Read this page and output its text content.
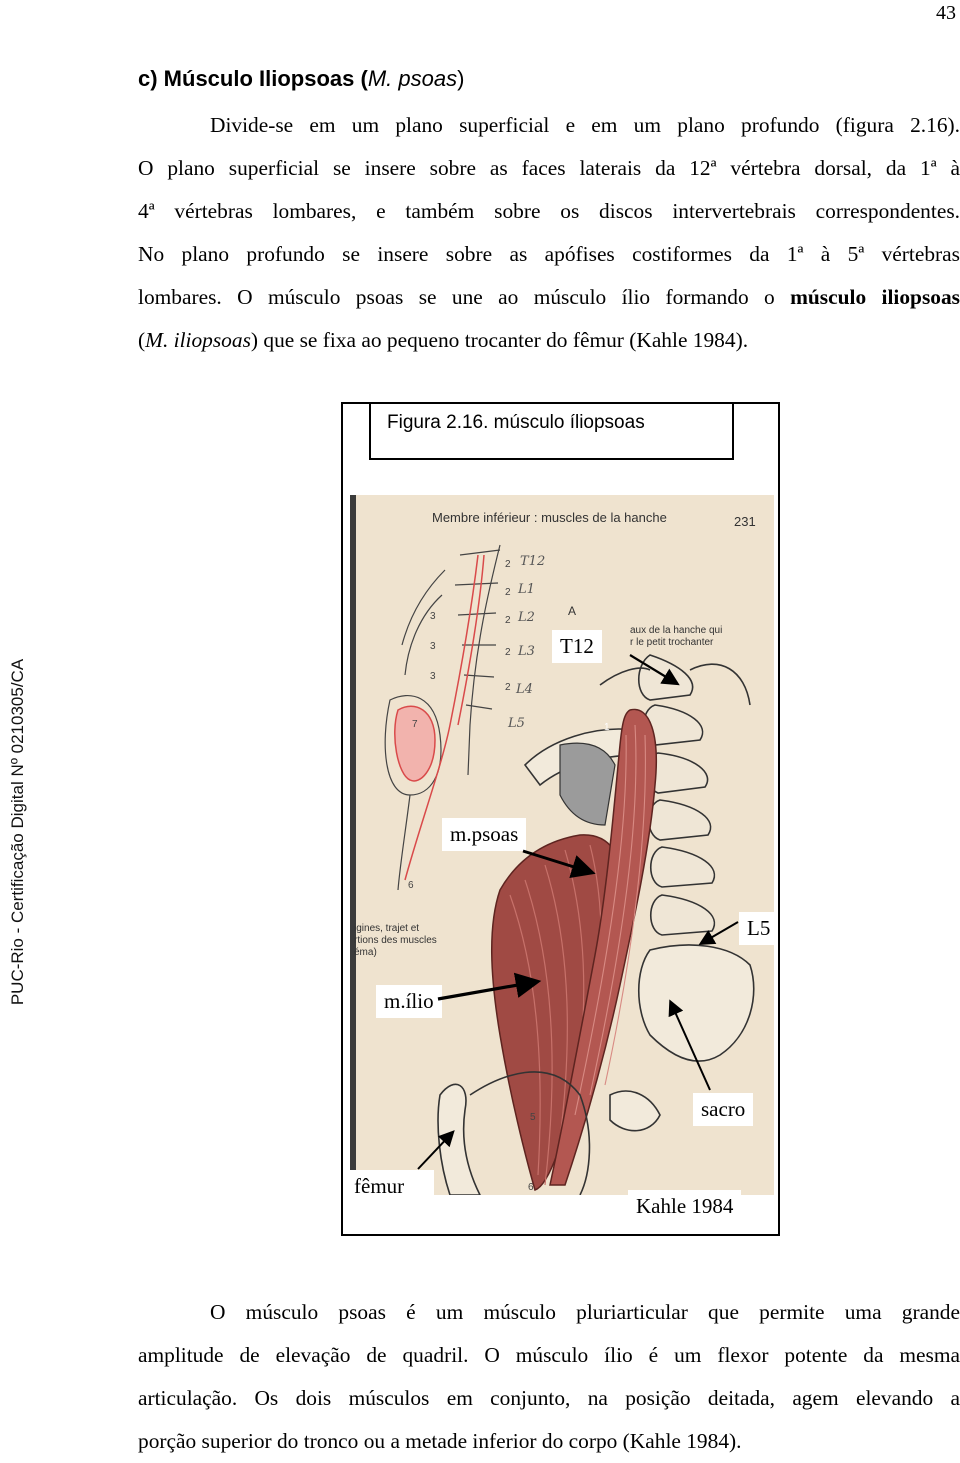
43
PUC-Rio - Certificação Digital Nº 0210305/CA
c) Músculo Iliopsoas (M. psoas)
Divide-se em um plano superficial e em um plano profundo (figura 2.16).
O plano superficial se insere sobre as faces laterais da 12ª vértebra dorsal, da 1ª à
4ª vértebras lombares, e também sobre os discos intervertebrais correspondentes.
No plano profundo se insere sobre as apófises costiformes da 1ª à 5ª vértebras
lombares. O músculo psoas se une ao músculo ílio formando o músculo iliopsoas
(M. iliopsoas) que se fixa ao pequeno trocanter do fêmur (Kahle 1984).
Figura 2.16. músculo íliopsoas
Membre inférieur : muscles de la hanche	231
A
aux de la hanche qui
r le petit trochanter
igines, trajet et
rtions des muscles
éma)
2
2
2
2
2
3
3
3
7
6
T12
L1
L2
L3
L4
L5	1
5
6
T12
m.psoas
L5
m.ílio
sacro
fêmur
Kahle 1984
O músculo psoas é um músculo pluriarticular que permite uma grande
amplitude de elevação de quadril. O músculo ílio é um flexor potente da mesma
articulação. Os dois músculos em conjunto, na posição deitada, agem elevando a
porção superior do tronco ou a metade inferior do corpo (Kahle 1984).
